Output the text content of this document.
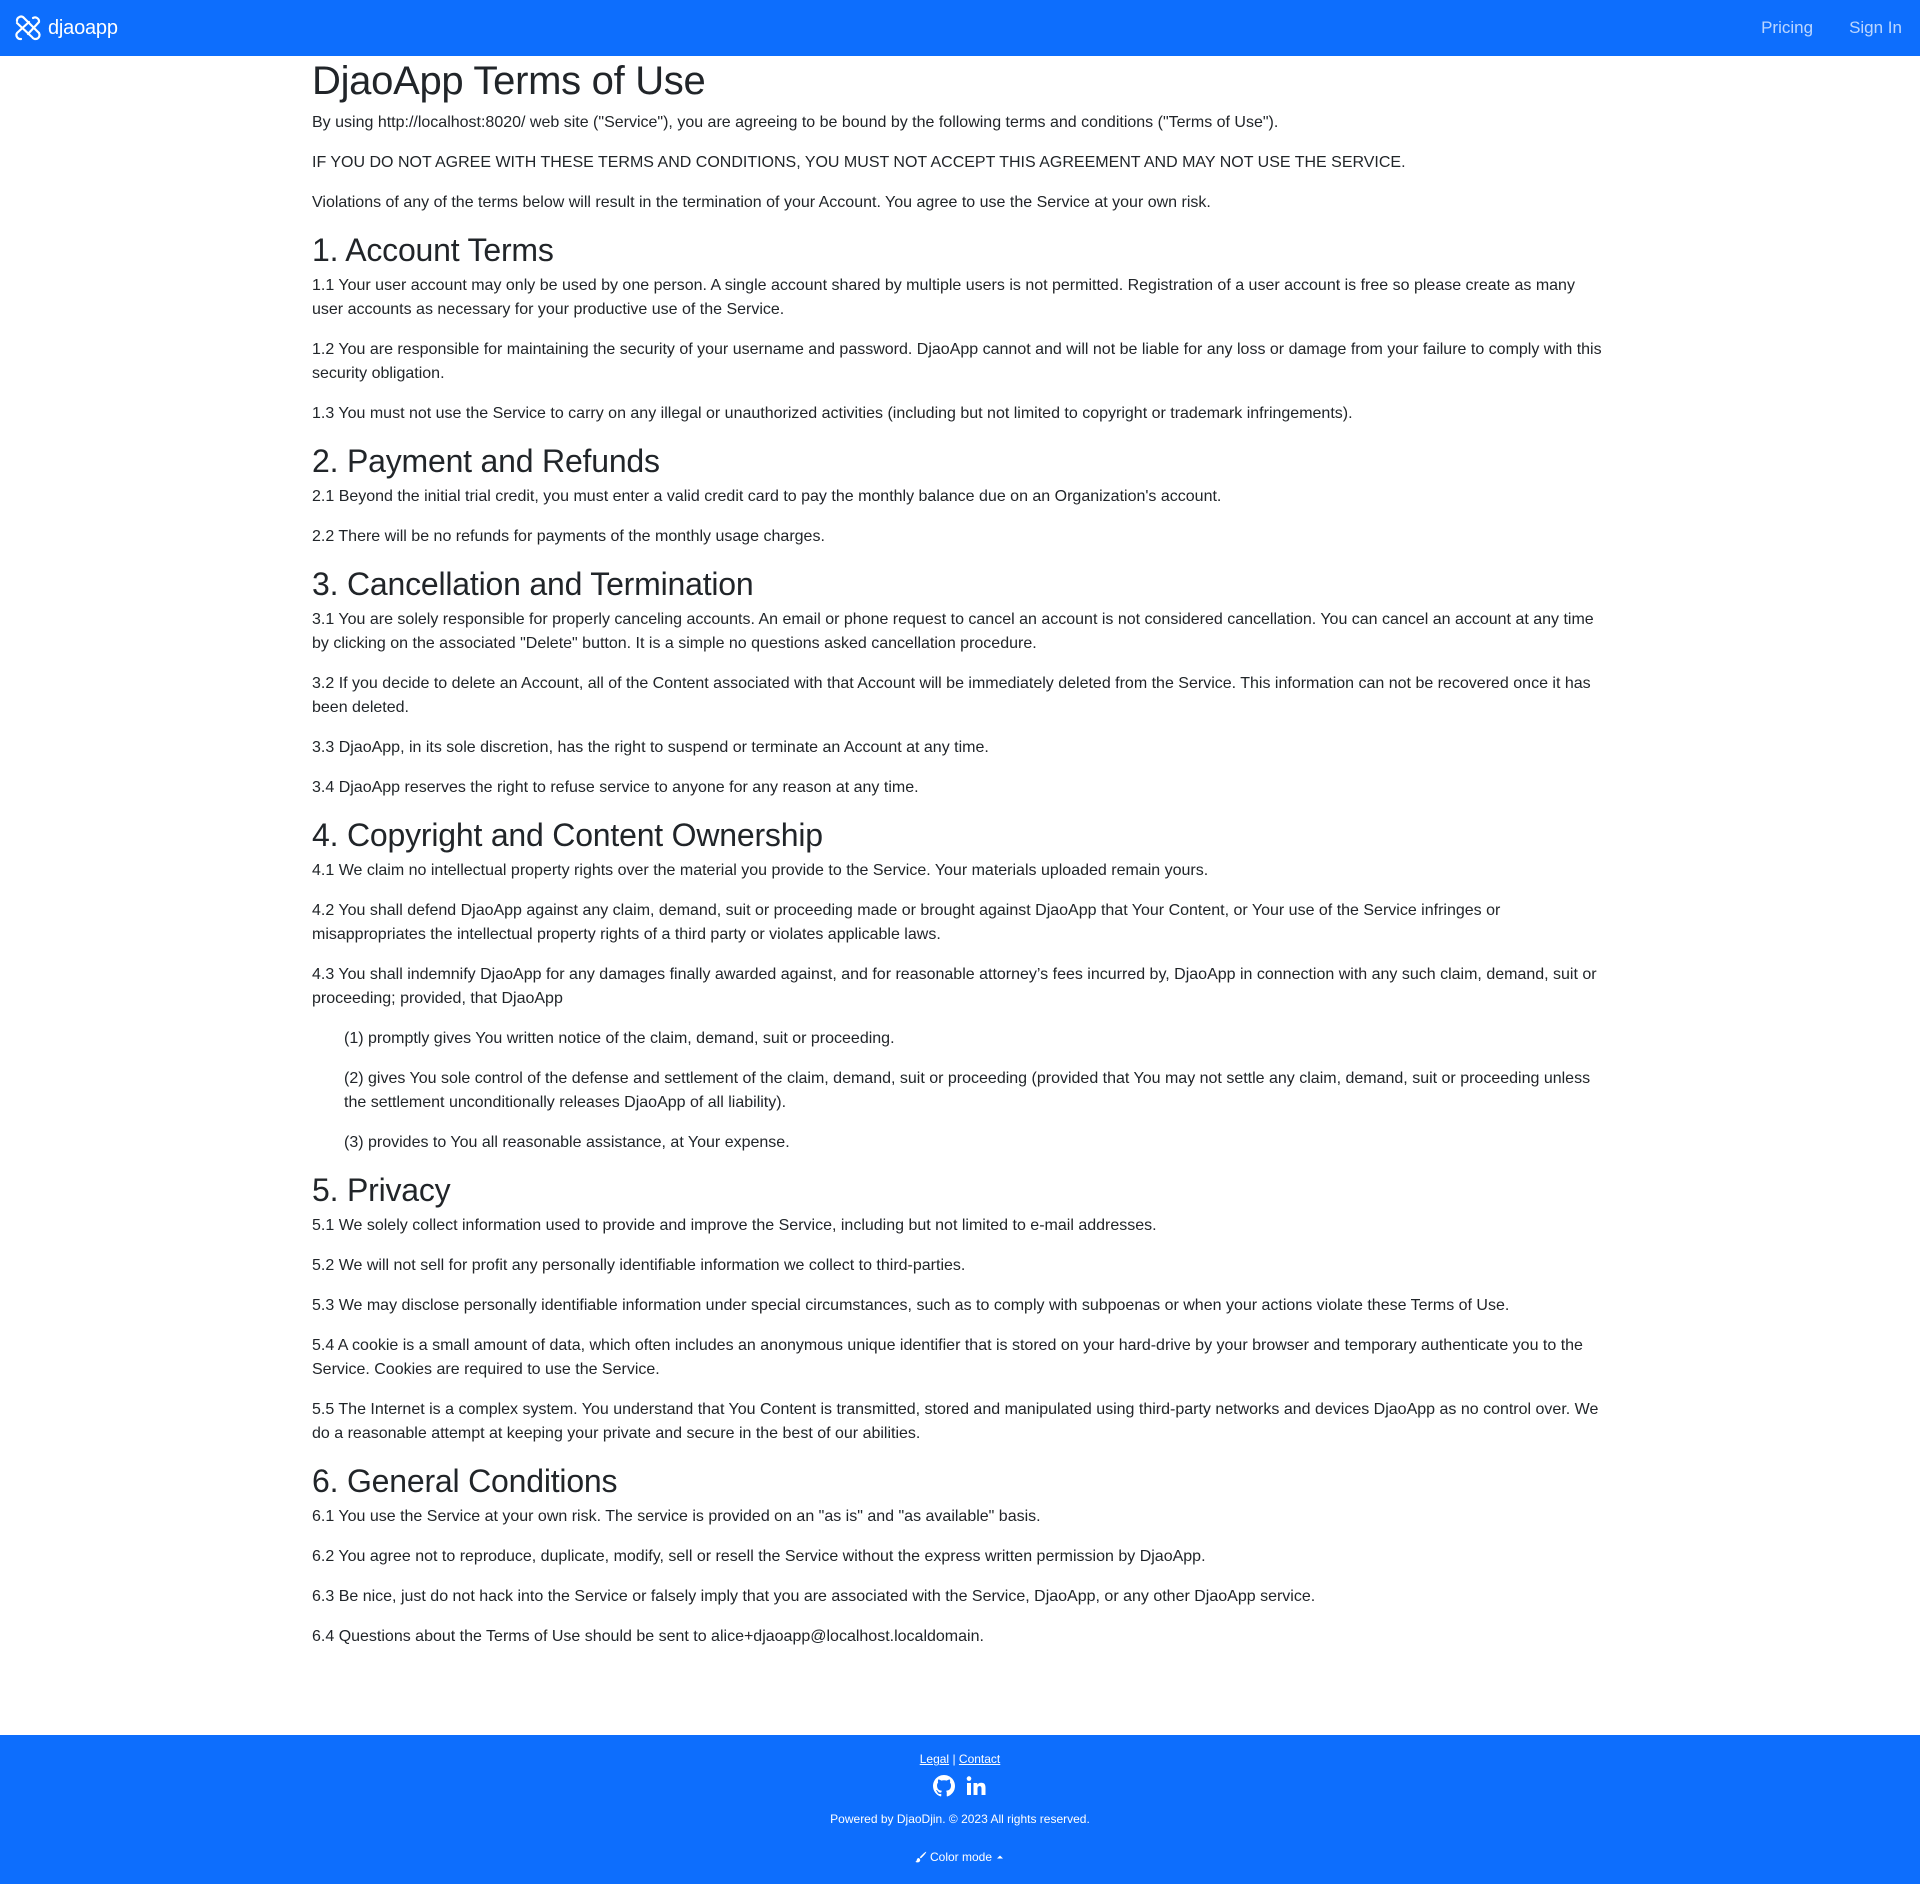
djaoapp	Pricing Sign In
DjaoApp Terms of Use

By using http://localhost:8020/ web site ("Service"), you are agreeing to be bound by the following terms and conditions ("Terms of Use").

IF YOU DO NOT AGREE WITH THESE TERMS AND CONDITIONS, YOU MUST NOT ACCEPT THIS AGREEMENT AND MAY NOT USE THE SERVICE.

Violations of any of the terms below will result in the termination of your Account. You agree to use the Service at your own risk.

1. Account Terms

1.1 Your user account may only be used by one person. A single account shared by multiple users is not permitted. Registration of a user account is free so please create as many user accounts as necessary for your productive use of the Service.

1.2 You are responsible for maintaining the security of your username and password. DjaoApp cannot and will not be liable for any loss or damage from your failure to comply with this security obligation.

1.3 You must not use the Service to carry on any illegal or unauthorized activities (including but not limited to copyright or trademark infringements).

2. Payment and Refunds

2.1 Beyond the initial trial credit, you must enter a valid credit card to pay the monthly balance due on an Organization's account.

2.2 There will be no refunds for payments of the monthly usage charges.

3. Cancellation and Termination

3.1 You are solely responsible for properly canceling accounts. An email or phone request to cancel an account is not considered cancellation. You can cancel an account at any time by clicking on the associated "Delete" button. It is a simple no questions asked cancellation procedure.

3.2 If you decide to delete an Account, all of the Content associated with that Account will be immediately deleted from the Service. This information can not be recovered once it has been deleted.

3.3 DjaoApp, in its sole discretion, has the right to suspend or terminate an Account at any time.

3.4 DjaoApp reserves the right to refuse service to anyone for any reason at any time.

4. Copyright and Content Ownership

4.1 We claim no intellectual property rights over the material you provide to the Service. Your materials uploaded remain yours.

4.2 You shall defend DjaoApp against any claim, demand, suit or proceeding made or brought against DjaoApp that Your Content, or Your use of the Service infringes or misappropriates the intellectual property rights of a third party or violates applicable laws.

4.3 You shall indemnify DjaoApp for any damages finally awarded against, and for reasonable attorney’s fees incurred by, DjaoApp in connection with any such claim, demand, suit or proceeding; provided, that DjaoApp

(1) promptly gives You written notice of the claim, demand, suit or proceeding.

(2) gives You sole control of the defense and settlement of the claim, demand, suit or proceeding (provided that You may not settle any claim, demand, suit or proceeding unless the settlement unconditionally releases DjaoApp of all liability).

(3) provides to You all reasonable assistance, at Your expense.

5. Privacy

5.1 We solely collect information used to provide and improve the Service, including but not limited to e-mail addresses.

5.2 We will not sell for profit any personally identifiable information we collect to third-parties.

5.3 We may disclose personally identifiable information under special circumstances, such as to comply with subpoenas or when your actions violate these Terms of Use.

5.4 A cookie is a small amount of data, which often includes an anonymous unique identifier that is stored on your hard-drive by your browser and temporary authenticate you to the Service. Cookies are required to use the Service.

5.5 The Internet is a complex system. You understand that You Content is transmitted, stored and manipulated using third-party networks and devices DjaoApp as no control over. We do a reasonable attempt at keeping your private and secure in the best of our abilities.

6. General Conditions

6.1 You use the Service at your own risk. The service is provided on an "as is" and "as available" basis.

6.2 You agree not to reproduce, duplicate, modify, sell or resell the Service without the express written permission by DjaoApp.

6.3 Be nice, just do not hack into the Service or falsely imply that you are associated with the Service, DjaoApp, or any other DjaoApp service.

6.4 Questions about the Terms of Use should be sent to alice+djaoapp@localhost.localdomain.

Legal | Contact
Powered by DjaoDjin. © 2023 All rights reserved.
Color mode
